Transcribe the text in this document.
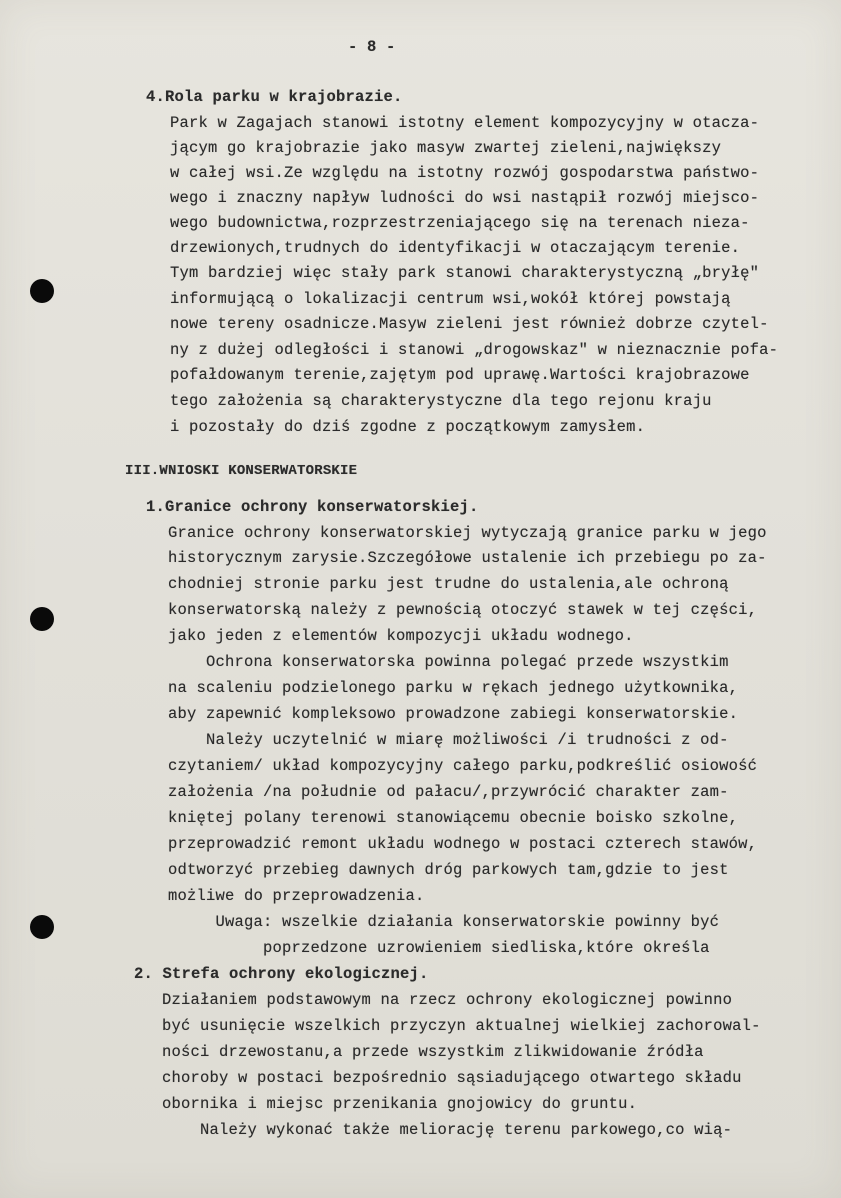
- 8 -
4.Rola parku w krajobrazie.
Park w Zagajach stanowi istotny element kompozycyjny w otacza-
jącym go krajobrazie jako masyw zwartej zieleni,największy
w całej wsi.Ze względu na istotny rozwój gospodarstwa państwo-
wego i znaczny napływ ludności do wsi nastąpił rozwój miejsco-
wego budownictwa,rozprzestrzeniającego się na terenach nieza-
drzewionych,trudnych do identyfikacji w otaczającym terenie.
Tym bardziej więc stały park stanowi charakterystyczną „bryłę"
informującą o lokalizacji centrum wsi,wokół której powstają
nowe tereny osadnicze.Masyw zieleni jest również dobrze czytel-
ny z dużej odległości i stanowi „drogowskaz" w nieznacznie pofa-
pofałdowanym terenie,zajętym pod uprawę.Wartości krajobrazowe
tego założenia są charakterystyczne dla tego rejonu kraju
i pozostały do dziś zgodne z początkowym zamysłem.
III.WNIOSKI KONSERWATORSKIE
1.Granice ochrony konserwatorskiej.
Granice ochrony konserwatorskiej wytyczają granice parku w jego
historycznym zarysie.Szczegółowe ustalenie ich przebiegu po za-
chodniej stronie parku jest trudne do ustalenia,ale ochroną
konserwatorską należy z pewnością otoczyć stawek w tej części,
jako jeden z elementów kompozycji układu wodnego.
Ochrona konserwatorska powinna polegać przede wszystkim
na scaleniu podzielonego parku w rękach jednego użytkownika,
aby zapewnić kompleksowo prowadzone zabiegi konserwatorskie.
Należy uczytelnić w miarę możliwości /i trudności z od-
czytaniem/ układ kompozycyjny całego parku,podkreślić osiowość
założenia /na południe od pałacu/,przywrócić charakter zam-
kniętej polany terenowi stanowiącemu obecnie boisko szkolne,
przeprowadzić remont układu wodnego w postaci czterech stawów,
odtworzyć przebieg dawnych dróg parkowych tam,gdzie to jest
możliwe do przeprowadzenia.
Uwaga: wszelkie działania konserwatorskie powinny być
poprzedzone uzrowieniem siedliska,które określa
2. Strefa ochrony ekologicznej.
Działaniem podstawowym na rzecz ochrony ekologicznej powinno
być usunięcie wszelkich przyczyn aktualnej wielkiej zachorowal-
ności drzewostanu,a przede wszystkim zlikwidowanie źródła
choroby w postaci bezpośrednio sąsiadującego otwartego składu
obornika i miejsc przenikania gnojowicy do gruntu.
Należy wykonać także meliorację terenu parkowego,co wią-
